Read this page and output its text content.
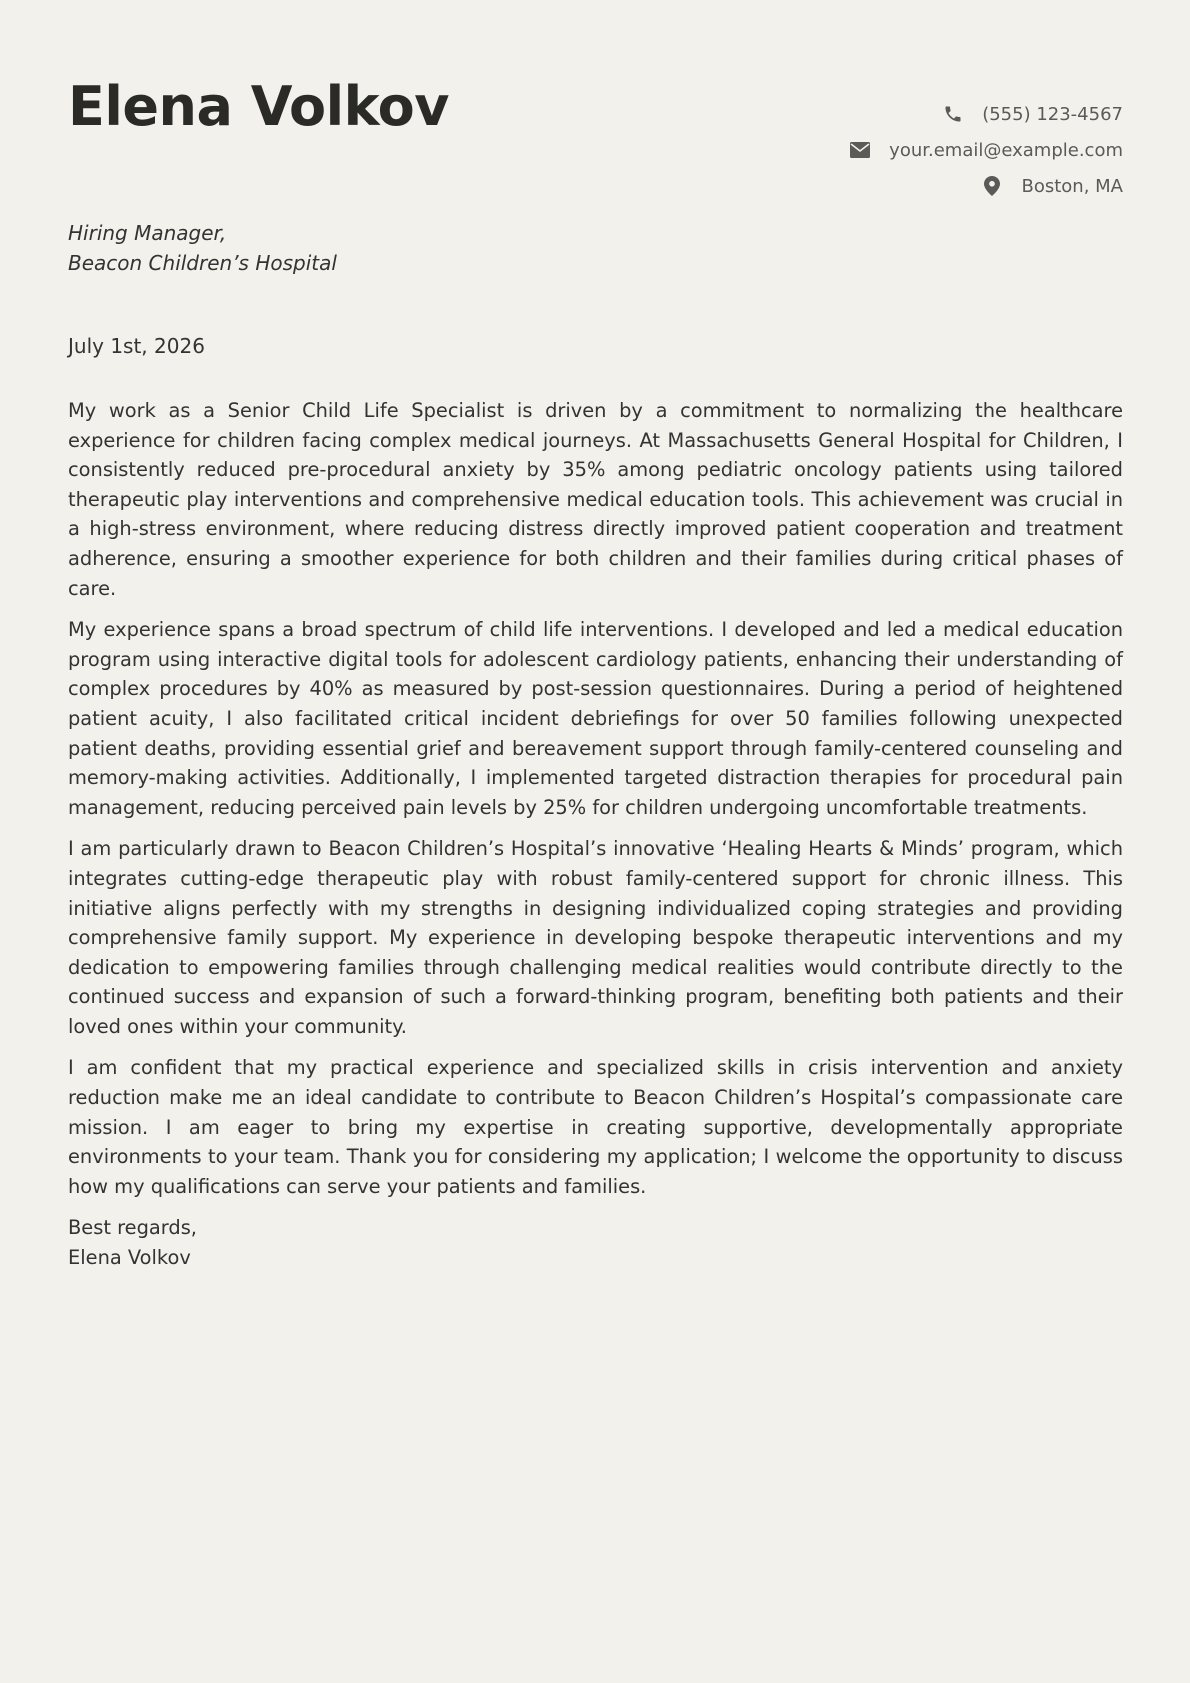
Elena Volkov	(555) 123-4567
your.email@example.com
Boston, MA
Hiring Manager,
Beacon Children’s Hospital
July 1st, 2026

My work as a Senior Child Life Specialist is driven by a commitment to normalizing the healthcare experience for children facing complex medical journeys. At Massachusetts General Hospital for Children, I consistently reduced pre-procedural anxiety by 35% among pediatric oncology patients using tailored therapeutic play interventions and comprehensive medical education tools. This achievement was crucial in a high-stress environment, where reducing distress directly improved patient cooperation and treatment adherence, ensuring a smoother experience for both children and their families during critical phases of care.

My experience spans a broad spectrum of child life interventions. I developed and led a medical education program using interactive digital tools for adolescent cardiology patients, enhancing their understanding of complex procedures by 40% as measured by post-session questionnaires. During a period of heightened patient acuity, I also facilitated critical incident debriefings for over 50 families following unexpected patient deaths, providing essential grief and bereavement support through family-centered counseling and memory-making activities. Additionally, I implemented targeted distraction therapies for procedural pain management, reducing perceived pain levels by 25% for children undergoing uncomfortable treatments.

I am particularly drawn to Beacon Children’s Hospital’s innovative ‘Healing Hearts & Minds’ program, which integrates cutting-edge therapeutic play with robust family-centered support for chronic illness. This initiative aligns perfectly with my strengths in designing individualized coping strategies and providing comprehensive family support. My experience in developing bespoke therapeutic interventions and my dedication to empowering families through challenging medical realities would contribute directly to the continued success and expansion of such a forward-thinking program, benefiting both patients and their loved ones within your community.

I am confident that my practical experience and specialized skills in crisis intervention and anxiety reduction make me an ideal candidate to contribute to Beacon Children’s Hospital’s compassionate care mission. I am eager to bring my expertise in creating supportive, developmentally appropriate environments to your team. Thank you for considering my application; I welcome the opportunity to discuss how my qualifications can serve your patients and families.

Best regards,
Elena Volkov
